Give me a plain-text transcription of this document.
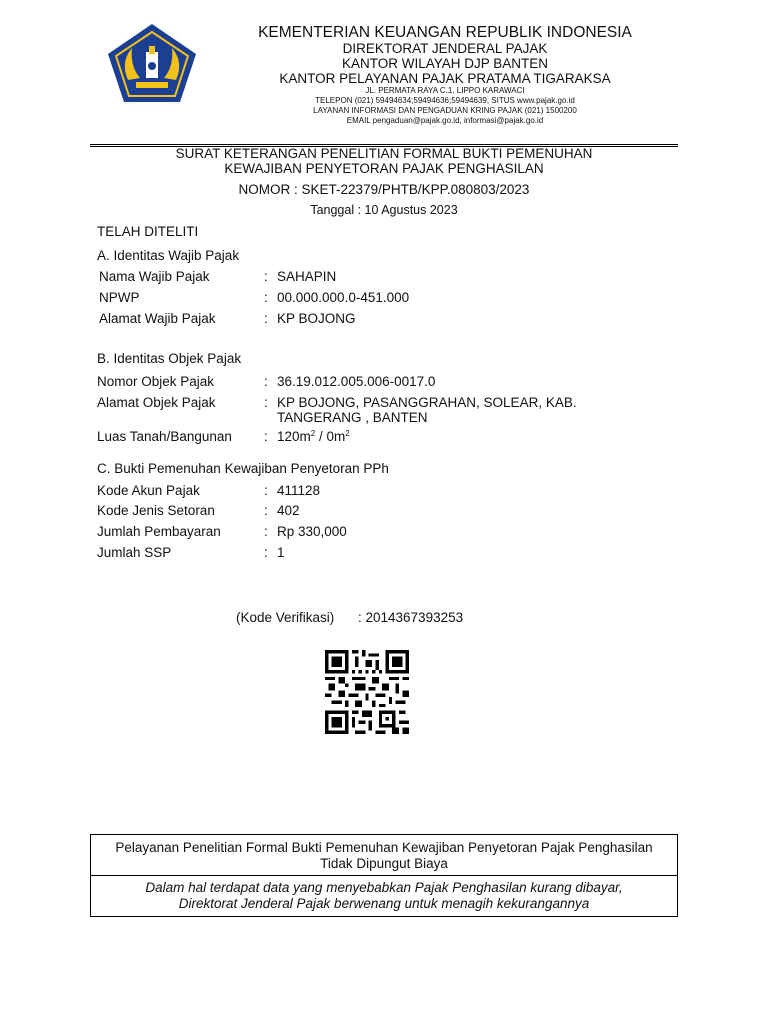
KEMENTERIAN KEUANGAN REPUBLIK INDONESIA
DIREKTORAT JENDERAL PAJAK
KANTOR WILAYAH DJP BANTEN
KANTOR PELAYANAN PAJAK PRATAMA TIGARAKSA
JL. PERMATA RAYA C.1, LIPPO KARAWACI
TELEPON (021) 59494634;59494636;59494639, SITUS www.pajak.go.id
LAYANAN INFORMASI DAN PENGADUAN KRING PAJAK (021) 1500200
EMAIL pengaduan@pajak.go.id, informasi@pajak.go.id
SURAT KETERANGAN PENELITIAN FORMAL BUKTI PEMENUHAN
KEWAJIBAN PENYETORAN PAJAK PENGHASILAN
NOMOR : SKET-22379/PHTB/KPP.080803/2023
Tanggal : 10 Agustus 2023
TELAH DITELITI
A. Identitas Wajib Pajak
Nama Wajib Pajak	: SAHAPIN
NPWP	: 00.000.000.0-451.000
Alamat Wajib Pajak	: KP BOJONG
B. Identitas Objek Pajak
Nomor Objek Pajak	: 36.19.012.005.006-0017.0
Alamat Objek Pajak	: KP BOJONG, PASANGGRAHAN, SOLEAR, KAB.
TANGERANG , BANTEN
Luas Tanah/Bangunan : $120m^2 / 0m^2$
C. Bukti Pemenuhan Kewajiban Penyetoran PPh
Kode Akun Pajak	: 411128
Kode Jenis Setoran	: 402
Jumlah Pembayaran	: Rp 330,000
Jumlah SSP	: 1
(Kode Verifikasi) : 2014367393253
Pelayanan Penelitian Formal Bukti Pemenuhan Kewajiban Penyetoran Pajak Penghasilan
Tidak Dipungut Biaya
Dalam hal terdapat data yang menyebabkan Pajak Penghasilan kurang dibayar,
Direktorat Jenderal Pajak berwenang untuk menagih kekurangannya
